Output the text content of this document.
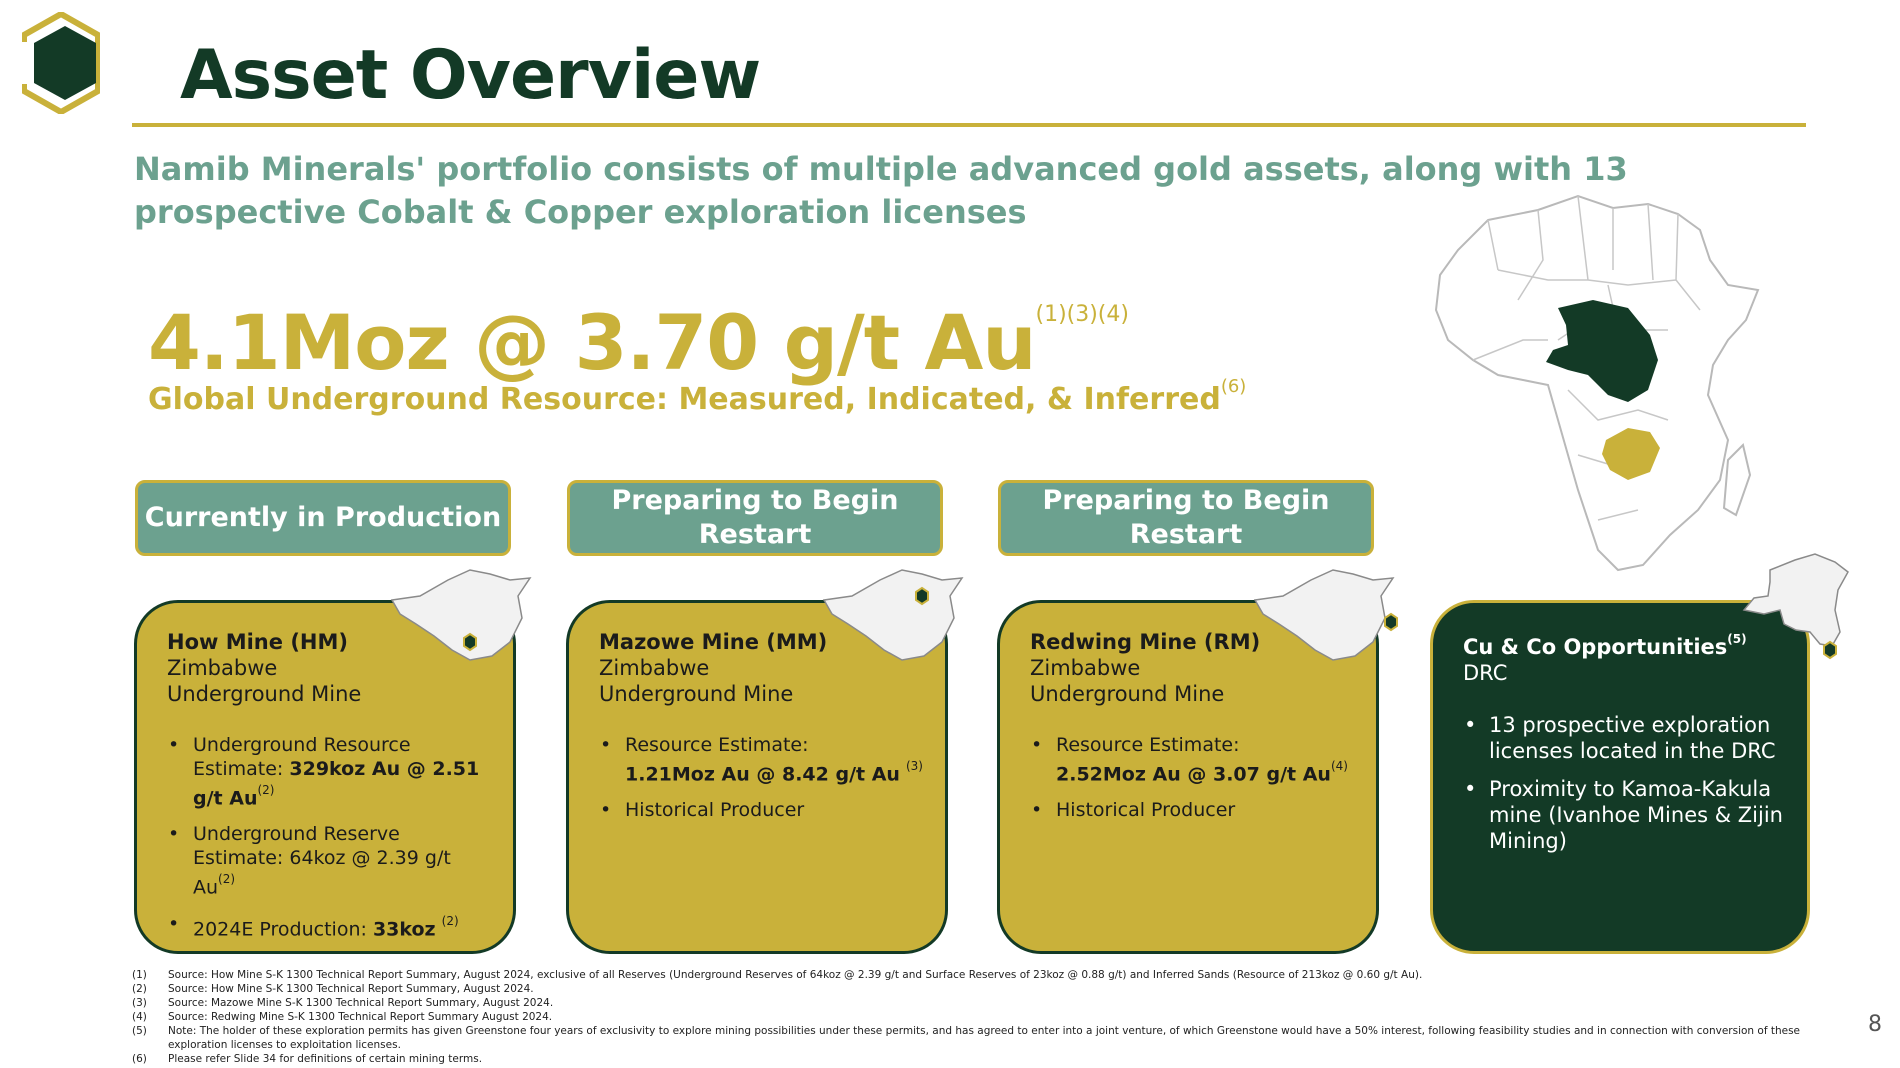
Asset Overview
Namib Minerals' portfolio consists of multiple advanced gold assets, along with 13 prospective Cobalt & Copper exploration licenses
4.1Moz @ 3.70 g/t $Au^{(1)(3)(4)}$
Global Underground Resource: Measured, Indicated, & Inferred$^{(6)}$
Currently in Production
Preparing to Begin Restart
Preparing to Begin Restart
How Mine (HM)
Zimbabwe
Underground Mine
• Underground Resource Estimate: 329koz Au @ 2.51 g/t Au$^{(2)}$
• Underground Reserve Estimate: 64koz @ 2.39 g/t Au$^{(2)}$
• 2024E Production: 33koz $^{(2)}$
Mazowe Mine (MM)
Zimbabwe
Underground Mine
• Resource Estimate:
1.21Moz Au @ 8.42 g/t Au $^{(3)}$
• Historical Producer
Redwing Mine (RM)
Zimbabwe
Underground Mine
• Resource Estimate:
2.52Moz Au @ 3.07 g/t Au$^{(4)}$
• Historical Producer
Cu & Co Opportunities$^{(5)}$
DRC
• 13 prospective exploration licenses located in the DRC
• Proximity to Kamoa-Kakula mine (Ivanhoe Mines & Zijin Mining)
(1)	Source: How Mine S-K 1300 Technical Report Summary, August 2024, exclusive of all Reserves (Underground Reserves of 64koz @ 2.39 g/t and Surface Reserves of 23koz @ 0.88 g/t) and Inferred Sands (Resource of 213koz @ 0.60 g/t Au).
(2)	Source: How Mine S-K 1300 Technical Report Summary, August 2024.
(3)	Source: Mazowe Mine S-K 1300 Technical Report Summary, August 2024.
(4)	Source: Redwing Mine S-K 1300 Technical Report Summary August 2024.
(5)	Note: The holder of these exploration permits has given Greenstone four years of exclusivity to explore mining possibilities under these permits, and has agreed to enter into a joint venture, of which Greenstone would have a 50% interest, following feasibility studies and in connection with conversion of these exploration licenses to exploitation licenses.
(6)	Please refer Slide 34 for definitions of certain mining terms.
8
